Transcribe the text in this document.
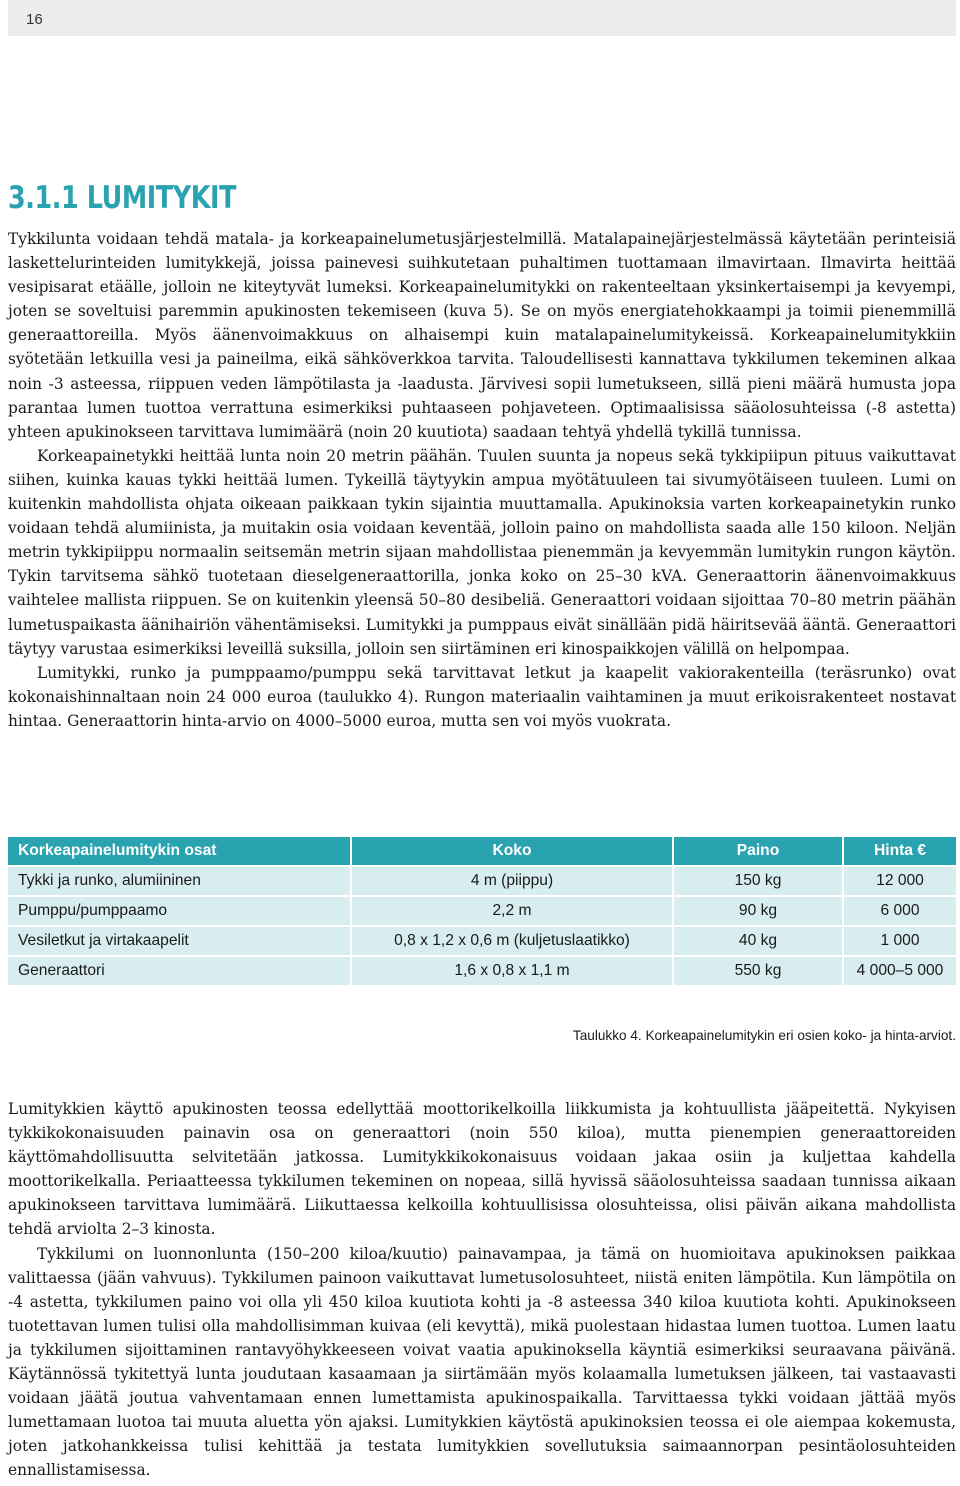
16
3.1.1 LUMITYKIT

Tykkilunta voidaan tehdä matala- ja korkeapainelumetusjärjestelmillä. Matalapainejärjestelmässä käytetään perinteisiä laskettelurinteiden lumitykkejä, joissa painevesi suihkutetaan puhaltimen tuottamaan ilmavirtaan. Ilmavirta heittää vesipisarat etäälle, jolloin ne kiteytyvät lumeksi. Korkeapainelumitykki on rakenteeltaan yksinkertaisempi ja kevyempi, joten se soveltuisi paremmin apukinosten tekemiseen (kuva 5). Se on myös energiatehokkaampi ja toimii pienemmillä generaattoreilla. Myös äänenvoimakkuus on alhaisempi kuin matalapainelumitykeissä. Korkeapainelumitykkiin syötetään letkuilla vesi ja paineilma, eikä sähköverkkoa tarvita. Taloudellisesti kannattava tykkilumen tekeminen alkaa noin -3 asteessa, riippuen veden lämpötilasta ja -laadusta. Järvivesi sopii lumetukseen, sillä pieni määrä humusta jopa parantaa lumen tuottoa verrattuna esimerkiksi puhtaaseen pohjaveteen. Optimaalisissa sääolosuhteissa (-8 astetta) yhteen apukinokseen tarvittava lumimäärä (noin 20 kuutiota) saadaan tehtyä yhdellä tykillä tunnissa.

Korkeapainetykki heittää lunta noin 20 metrin päähän. Tuulen suunta ja nopeus sekä tykkipiipun pituus vaikuttavat siihen, kuinka kauas tykki heittää lumen. Tykeillä täytyykin ampua myötätuuleen tai sivumyötäiseen tuuleen. Lumi on kuitenkin mahdollista ohjata oikeaan paikkaan tykin sijaintia muuttamalla. Apukinoksia varten korkeapainetykin runko voidaan tehdä alumiinista, ja muitakin osia voidaan keventää, jolloin paino on mahdollista saada alle 150 kiloon. Neljän metrin tykkipiippu normaalin seitsemän metrin sijaan mahdollistaa pienemmän ja kevyemmän lumitykin rungon käytön. Tykin tarvitsema sähkö tuotetaan dieselgeneraattorilla, jonka koko on 25–30 kVA. Generaattorin äänenvoimakkuus vaihtelee mallista riippuen. Se on kuitenkin yleensä 50–80 desibeliä. Generaattori voidaan sijoittaa 70–80 metrin päähän lumetuspaikasta äänihairiön vähentämiseksi. Lumitykki ja pumppaus eivät sinällään pidä häiritsevää ääntä. Generaattori täytyy varustaa esimerkiksi leveillä suksilla, jolloin sen siirtäminen eri kinospaikkojen välillä on helpompaa.

Lumitykki, runko ja pumppaamo/pumppu sekä tarvittavat letkut ja kaapelit vakiorakenteilla (teräsrunko) ovat kokonaishinnaltaan noin 24 000 euroa (taulukko 4). Rungon materiaalin vaihtaminen ja muut erikoisrakenteet nostavat hintaa. Generaattorin hinta-arvio on 4000–5000 euroa, mutta sen voi myös vuokrata.

Korkeapainelumitykin osat	Koko	Paino	Hinta €
Tykki ja runko, alumiininen	4 m (piippu)	150 kg	12 000
Pumppu/pumppaamo	2,2 m	90 kg	6 000
Vesiletkut ja virtakaapelit	0,8 x 1,2 x 0,6 m (kuljetuslaatikko)	40 kg	1 000
Generaattori	1,6 x 0,8 x 1,1 m	550 kg	4 000–5 000
Taulukko 4. Korkeapainelumitykin eri osien koko- ja hinta-arviot.

Lumitykkien käyttö apukinosten teossa edellyttää moottorikelkoilla liikkumista ja kohtuullista jääpeitettä. Nykyisen tykkikokonaisuuden painavin osa on generaattori (noin 550 kiloa), mutta pienempien generaattoreiden käyttömahdollisuutta selvitetään jatkossa. Lumitykkikokonaisuus voidaan jakaa osiin ja kuljettaa kahdella moottorikelkalla. Periaatteessa tykkilumen tekeminen on nopeaa, sillä hyvissä sääolosuhteissa saadaan tunnissa aikaan apukinokseen tarvittava lumimäärä. Liikuttaessa kelkoilla kohtuullisissa olosuhteissa, olisi päivän aikana mahdollista tehdä arviolta 2–3 kinosta.

Tykkilumi on luonnonlunta (150–200 kiloa/kuutio) painavampaa, ja tämä on huomioitava apukinoksen paikkaa valittaessa (jään vahvuus). Tykkilumen painoon vaikuttavat lumetusolosuhteet, niistä eniten lämpötila. Kun lämpötila on -4 astetta, tykkilumen paino voi olla yli 450 kiloa kuutiota kohti ja -8 asteessa 340 kiloa kuutiota kohti. Apukinokseen tuotettavan lumen tulisi olla mahdollisimman kuivaa (eli kevyttä), mikä puolestaan hidastaa lumen tuottoa. Lumen laatu ja tykkilumen sijoittaminen rantavyöhykkeeseen voivat vaatia apukinoksella käyntiä esimerkiksi seuraavana päivänä. Käytännössä tykitettyä lunta joudutaan kasaamaan ja siirtämään myös kolaamalla lumetuksen jälkeen, tai vastaavasti voidaan jäätä joutua vahventamaan ennen lumettamista apukinospaikalla. Tarvittaessa tykki voidaan jättää myös lumettamaan luotoa tai muuta aluetta yön ajaksi. Lumitykkien käytöstä apukinoksien teossa ei ole aiempaa kokemusta, joten jatkohankkeissa tulisi kehittää ja testata lumitykkien sovellutuksia saimaannorpan pesintäolosuhteiden ennallistamisessa.
